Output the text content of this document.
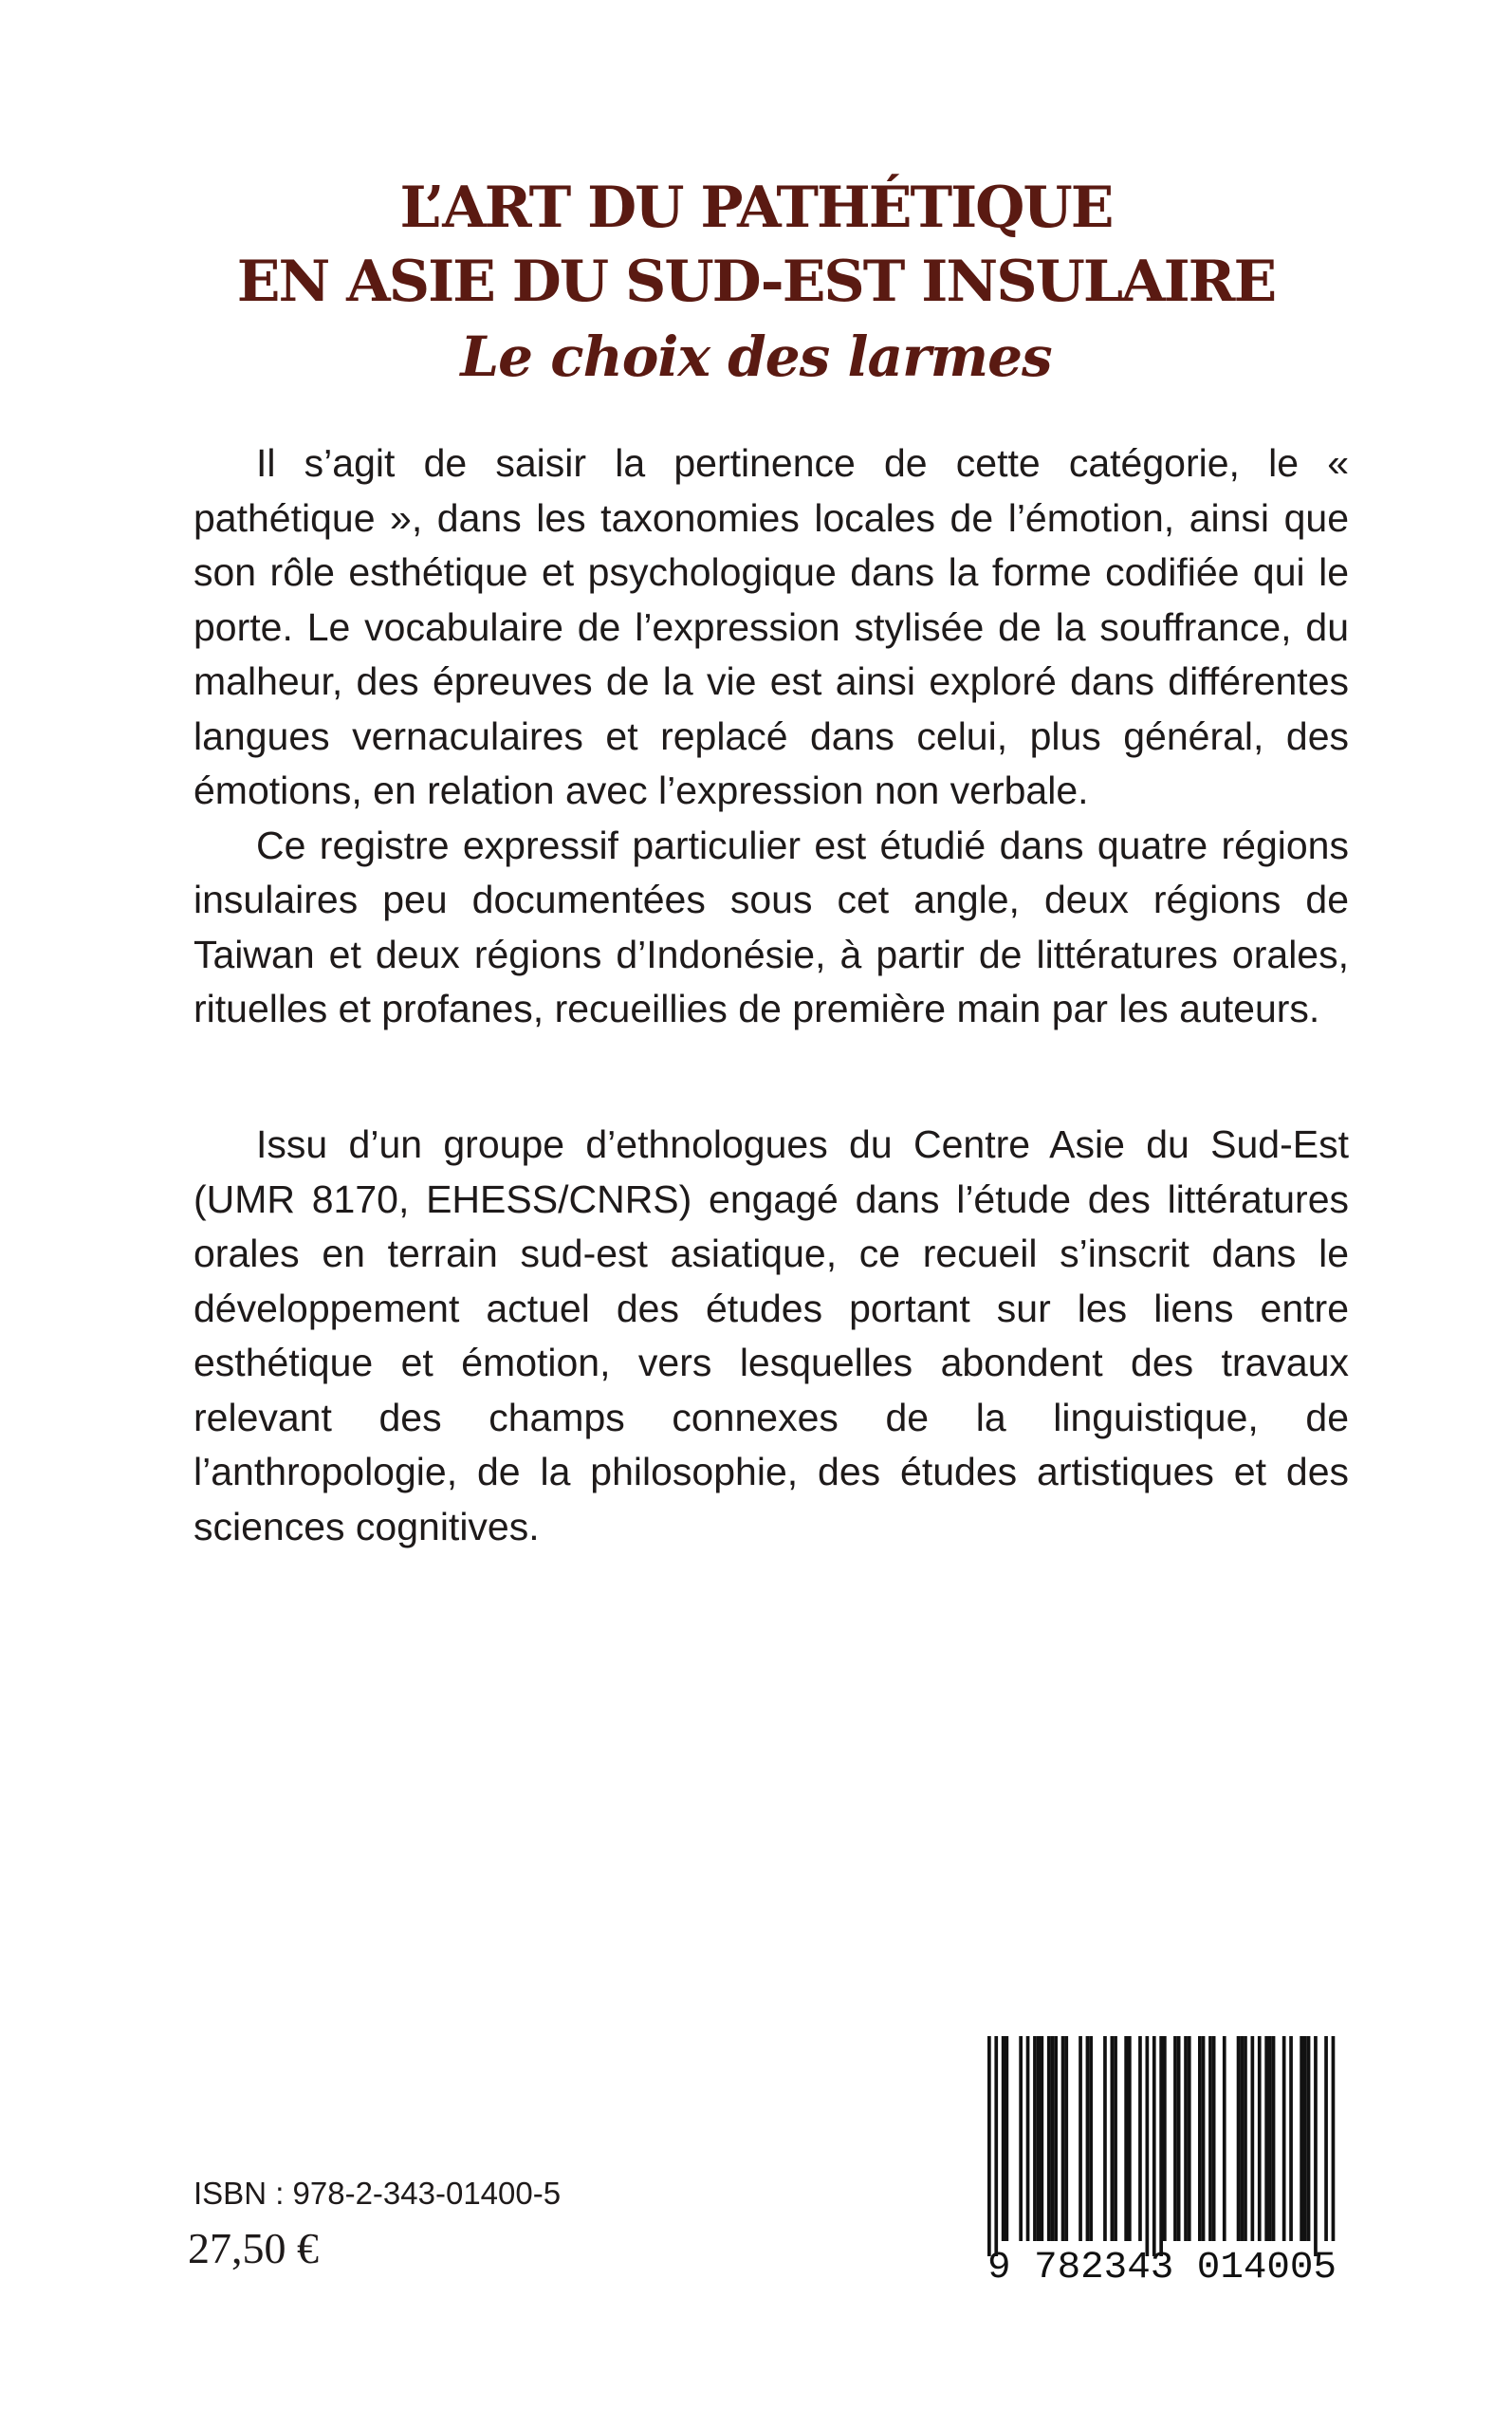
L’ART DU PATHÉTIQUE
EN ASIE DU SUD-EST INSULAIRE
Le choix des larmes

Il s’agit de saisir la pertinence de cette catégorie, le « pathétique », dans les taxonomies locales de l’émotion, ainsi que son rôle esthétique et psychologique dans la forme codifiée qui le porte. Le vocabulaire de l’expression stylisée de la souffrance, du malheur, des épreuves de la vie est ainsi exploré dans différentes langues vernaculaires et replacé dans celui, plus général, des émotions, en relation avec l’expression non verbale.

Ce registre expressif particulier est étudié dans quatre régions insulaires peu documentées sous cet angle, deux régions de Taiwan et deux régions d’Indonésie, à partir de littératures orales, rituelles et profanes, recueillies de première main par les auteurs.

Issu d’un groupe d’ethnologues du Centre Asie du Sud-Est (UMR 8170, EHESS/CNRS) engagé dans l’étude des littératures orales en terrain sud-est asiatique, ce recueil s’inscrit dans le développement actuel des études portant sur les liens entre esthétique et émotion, vers lesquelles abondent des travaux relevant des champs connexes de la linguistique, de l’anthropologie, de la philosophie, des études artistiques et des sciences cognitives.

ISBN : 978-2-343-01400-5
27,50 €	9 782343 014005
